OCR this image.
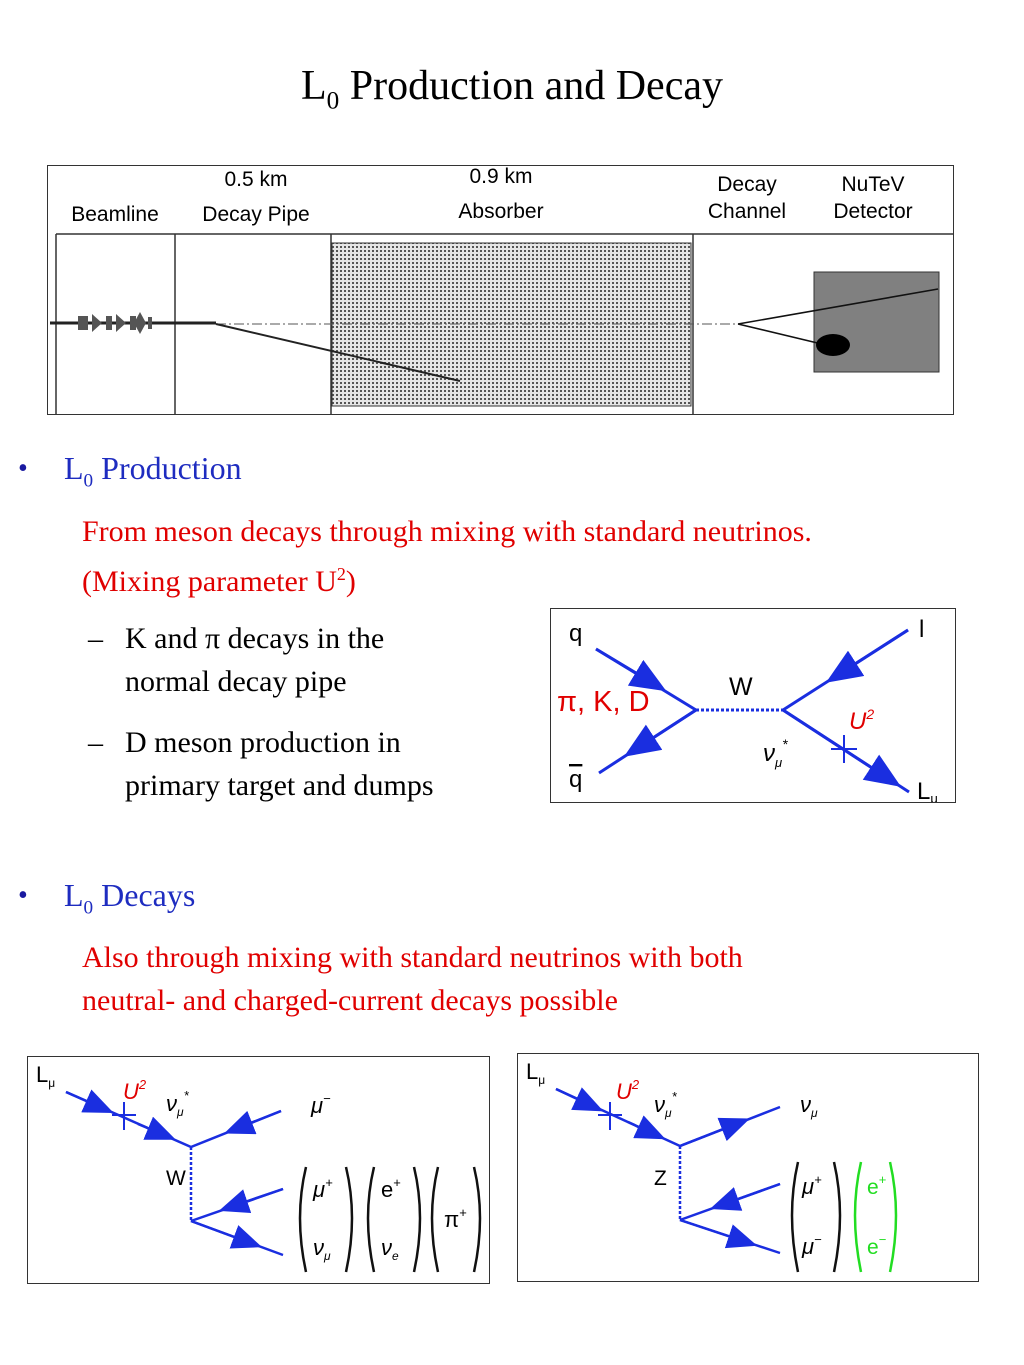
$L_0$ Production and Decay
Beamline
0.5 km
Decay Pipe
0.9 km
Absorber
Decay
Channel
NuTeV
Detector
• $L_0$ Production
From meson decays through mixing with standard neutrinos.
(Mixing parameter $U^2$)
– K and π decays in the
normal decay pipe
– D meson production in
primary target and dumps
q
q
π, K, D	W
l
$U^2$
$\nu_\mu^*$
Lμ
• $L_0$ Decays
Also through mixing with standard neutrinos with both
neutral- and charged-current decays possible
$L_\mu$	$U^2$
$\nu_\mu^*$	μ−
W	μ+
$\nu_\mu$
e+
$\nu_e$
π+
$L_\mu$	$U^2$
$\nu_\mu^*$	$\nu_\mu$
Z	μ+
μ−
e+
e−
